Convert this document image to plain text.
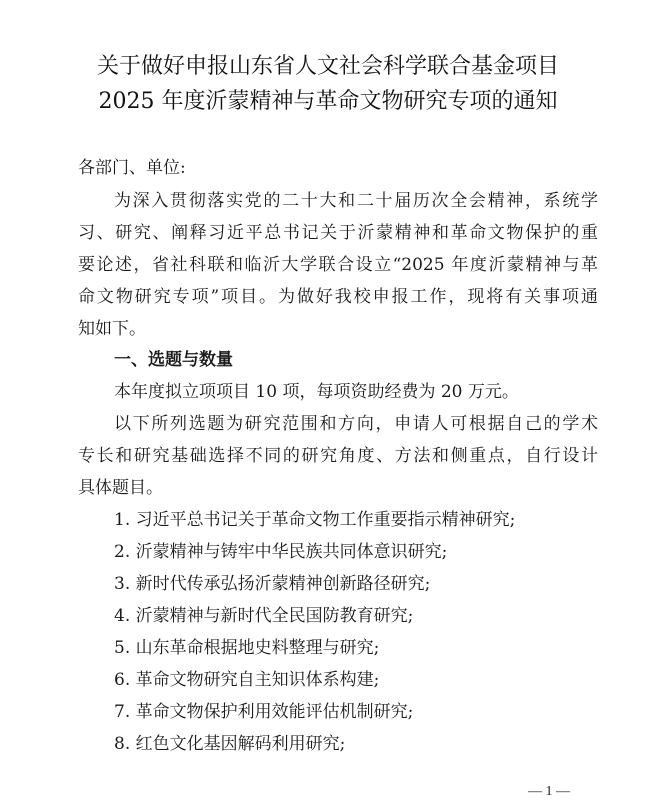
关于做好申报山东省人文社会科学联合基金项目
2025 年度沂蒙精神与革命文物研究专项的通知
各部门、单位:
为深入贯彻落实党的二十大和二十届历次全会精神，系统学
习、研究、阐释习近平总书记关于沂蒙精神和革命文物保护的重
要论述，省社科联和临沂大学联合设立“2025 年度沂蒙精神与革
命文物研究专项”项目。为做好我校申报工作，现将有关事项通
知如下。
一、选题与数量
本年度拟立项项目 10 项，每项资助经费为 20 万元。
以下所列选题为研究范围和方向，申请人可根据自己的学术
专长和研究基础选择不同的研究角度、方法和侧重点，自行设计
具体题目。
1. 习近平总书记关于革命文物工作重要指示精神研究;
2. 沂蒙精神与铸牢中华民族共同体意识研究;
3. 新时代传承弘扬沂蒙精神创新路径研究;
4. 沂蒙精神与新时代全民国防教育研究;
5. 山东革命根据地史料整理与研究;
6. 革命文物研究自主知识体系构建;
7. 革命文物保护利用效能评估机制研究;
8. 红色文化基因解码利用研究;
— 1 —
